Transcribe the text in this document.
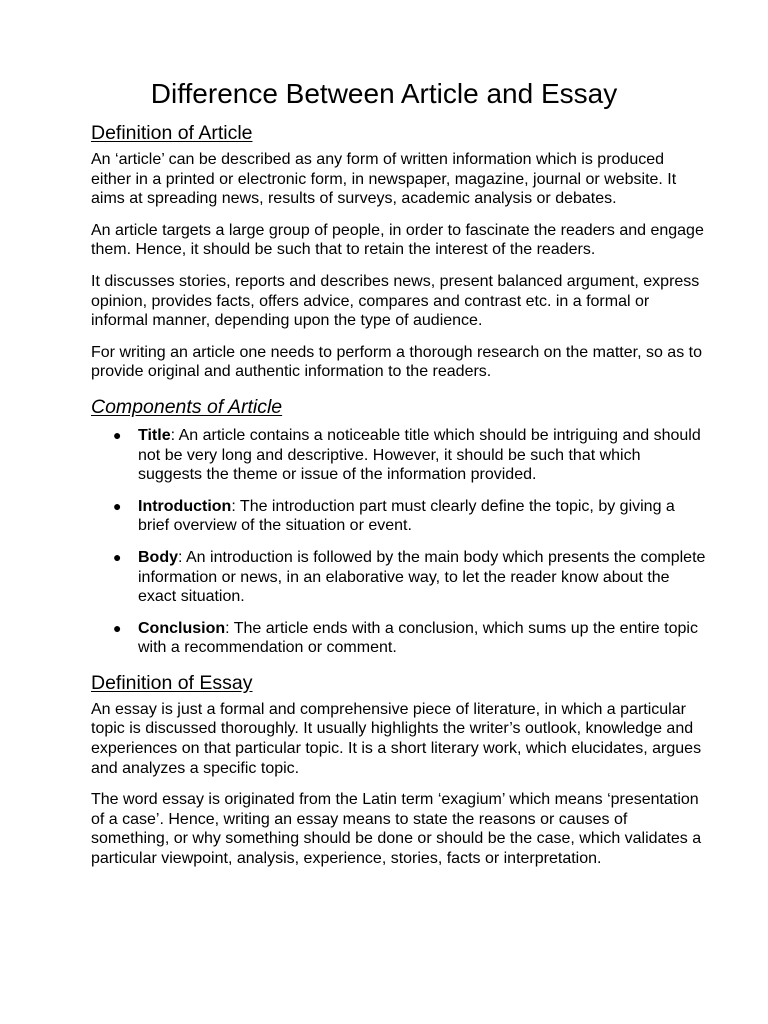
Difference Between Article and Essay
Definition of Article

An ‘article’ can be described as any form of written information which is produced either in a printed or electronic form, in newspaper, magazine, journal or website. It aims at spreading news, results of surveys, academic analysis or debates.

An article targets a large group of people, in order to fascinate the readers and engage them. Hence, it should be such that to retain the interest of the readers.

It discusses stories, reports and describes news, present balanced argument, express opinion, provides facts, offers advice, compares and contrast etc. in a formal or informal manner, depending upon the type of audience.

For writing an article one needs to perform a thorough research on the matter, so as to provide original and authentic information to the readers.

Components of Article
● Title: An article contains a noticeable title which should be intriguing and should not be very long and descriptive. However, it should be such that which suggests the theme or issue of the information provided.
● Introduction: The introduction part must clearly define the topic, by giving a brief overview of the situation or event.
● Body: An introduction is followed by the main body which presents the complete information or news, in an elaborative way, to let the reader know about the exact situation.
● Conclusion: The article ends with a conclusion, which sums up the entire topic with a recommendation or comment.
Definition of Essay

An essay is just a formal and comprehensive piece of literature, in which a particular topic is discussed thoroughly. It usually highlights the writer’s outlook, knowledge and experiences on that particular topic. It is a short literary work, which elucidates, argues and analyzes a specific topic.

The word essay is originated from the Latin term ‘exagium’ which means ‘presentation of a case’. Hence, writing an essay means to state the reasons or causes of something, or why something should be done or should be the case, which validates a particular viewpoint, analysis, experience, stories, facts or interpretation.
